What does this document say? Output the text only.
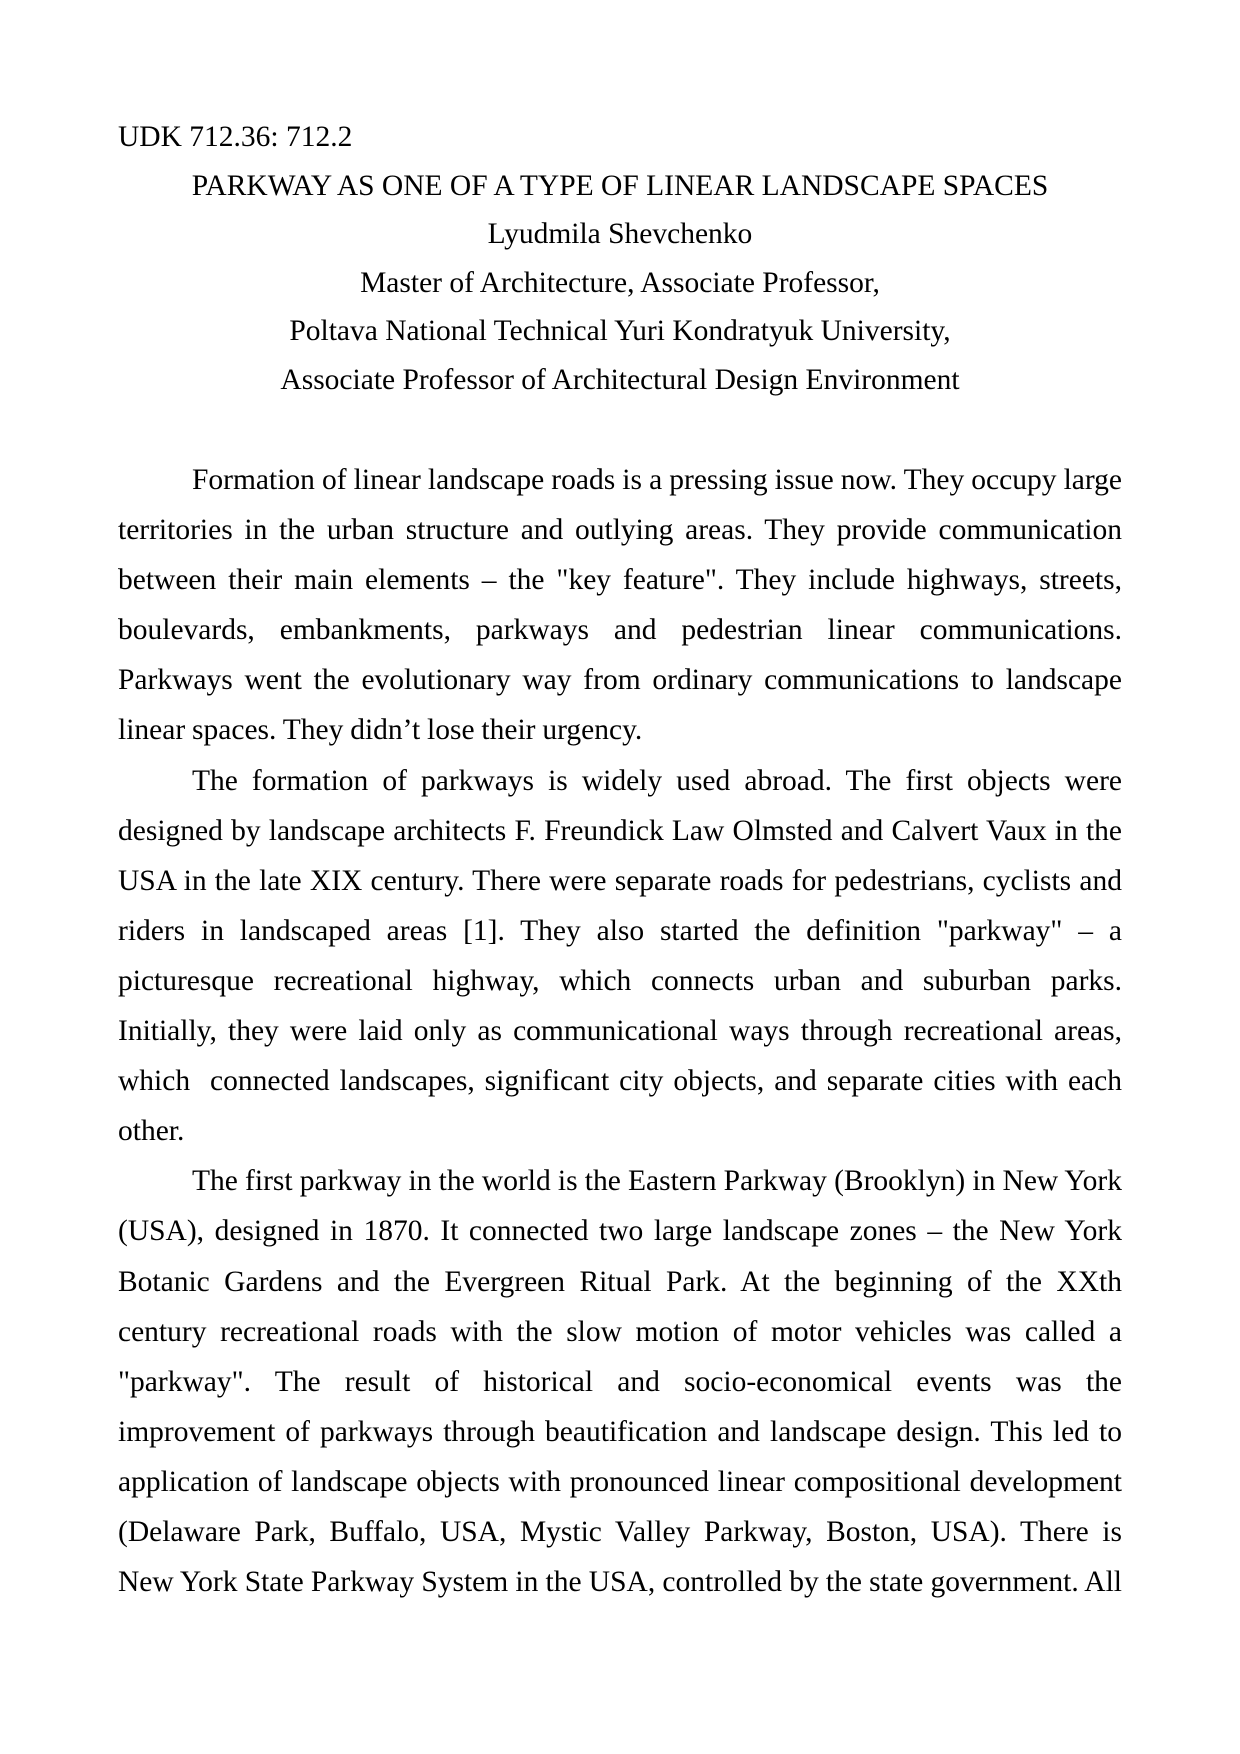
UDK 712.36: 712.2
PARKWAY AS ONE OF A TYPE OF LINEAR LANDSCAPE SPACES
Lyudmila Shevchenko
Master of Architecture, Associate Professor,
Poltava National Technical Yuri Kondratyuk University,
Associate Professor of Architectural Design Environment
Formation of linear landscape roads is a pressing issue now. They occupy large
territories in the urban structure and outlying areas. They provide communication
between their main elements – the "key feature". They include highways, streets,
boulevards, embankments, parkways and pedestrian linear communications.
Parkways went the evolutionary way from ordinary communications to landscape
linear spaces. They didn’t lose their urgency.
The formation of parkways is widely used abroad. The first objects were
designed by landscape architects F. Freundick Law Olmsted and Calvert Vaux in the
USA in the late XIX century. There were separate roads for pedestrians, cyclists and
riders in landscaped areas [1]. They also started the definition "parkway" – a
picturesque recreational highway, which connects urban and suburban parks.
Initially, they were laid only as communicational ways through recreational areas,
which  connected landscapes, significant city objects, and separate cities with each
other.
The first parkway in the world is the Eastern Parkway (Brooklyn) in New York
(USA), designed in 1870. It connected two large landscape zones – the New York
Botanic Gardens and the Evergreen Ritual Park. At the beginning of the XXth
century recreational roads with the slow motion of motor vehicles was called a
"parkway". The result of historical and socio-economical events was the
improvement of parkways through beautification and landscape design. This led to
application of landscape objects with pronounced linear compositional development
(Delaware Park, Buffalo, USA, Mystic Valley Parkway, Boston, USA). There is
New York State Parkway System in the USA, controlled by the state government. All
